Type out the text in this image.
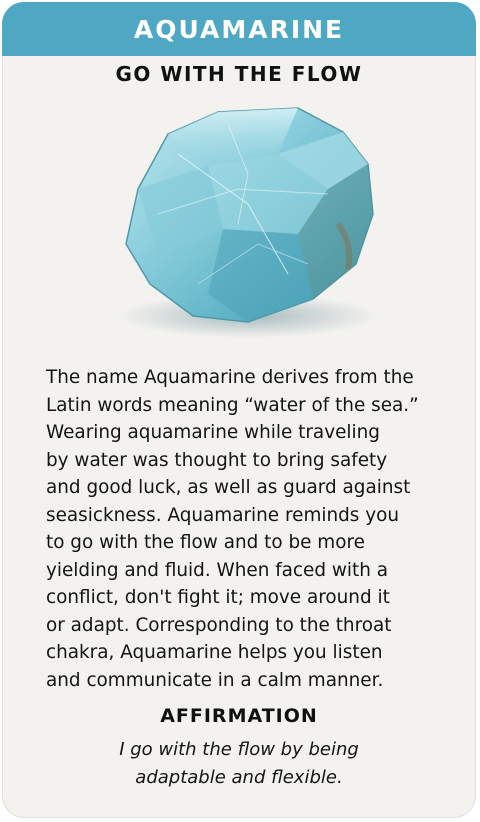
AQUAMARINE
GO WITH THE FLOW
The name Aquamarine derives from the
Latin words meaning “water of the sea.”
Wearing aquamarine while traveling
by water was thought to bring safety
and good luck, as well as guard against
seasickness. Aquamarine reminds you
to go with the flow and to be more
yielding and fluid. When faced with a
conflict, don't fight it; move around it
or adapt. Corresponding to the throat
chakra, Aquamarine helps you listen
and communicate in a calm manner.
AFFIRMATION
I go with the flow by being
adaptable and flexible.
